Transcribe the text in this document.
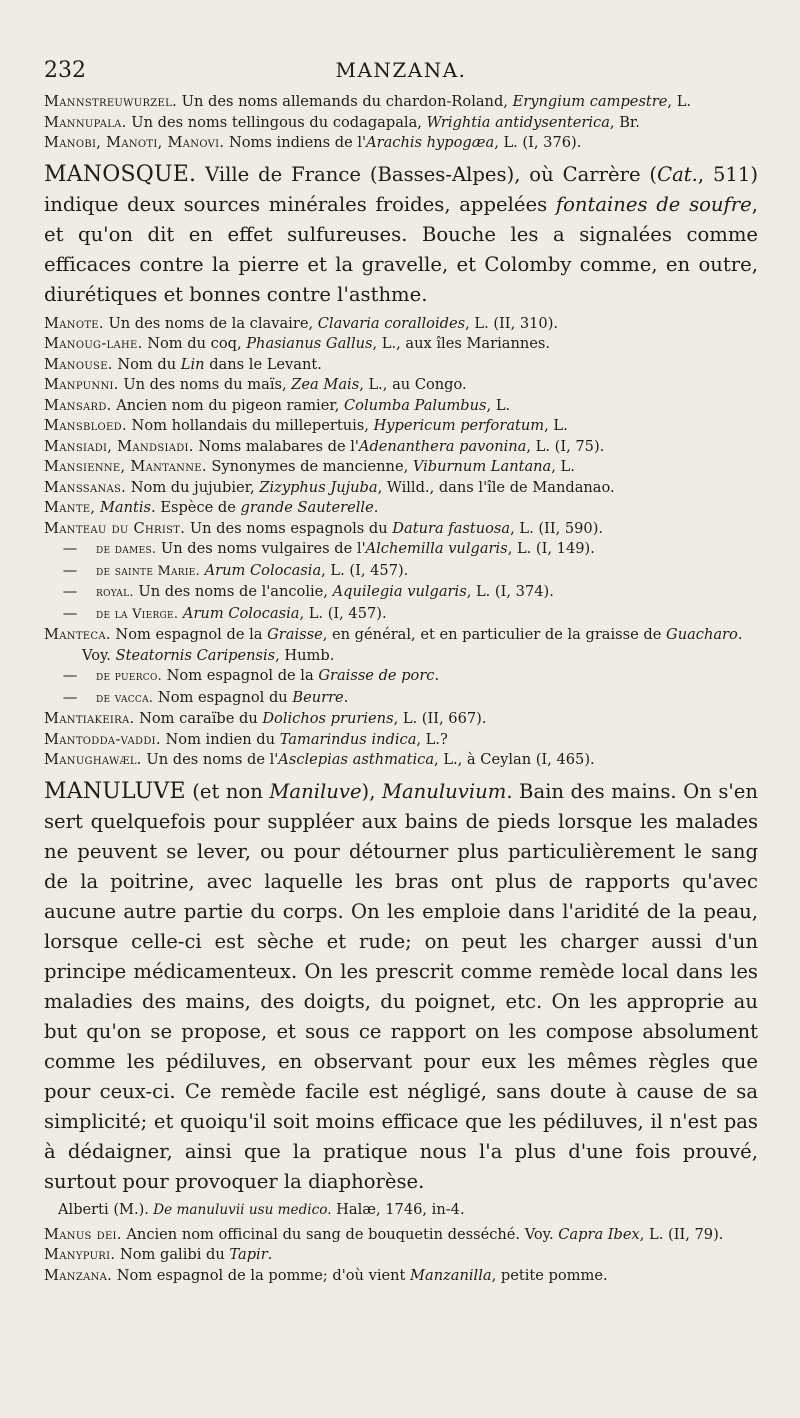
232	MANZANA.

Mannstreuwurzel. Un des noms allemands du chardon-Roland, Eryngium campestre, L.

Mannupala. Un des noms tellingous du codagapala, Wrightia antidysenterica, Br.

Manobi, Manoti, Manovi. Noms indiens de l'Arachis hypogæa, L. (I, 376).

MANOSQUE. Ville de France (Basses-Alpes), où Carrère (Cat., 511) indique deux sources minérales froides, appelées fontaines de soufre, et qu'on dit en effet sulfureuses. Bouche les a signalées comme efficaces contre la pierre et la gravelle, et Colomby comme, en outre, diurétiques et bonnes contre l'asthme.

Manote. Un des noms de la clavaire, Clavaria coralloides, L. (II, 310).

Manoug-lahe. Nom du coq, Phasianus Gallus, L., aux îles Mariannes.

Manouse. Nom du Lin dans le Levant.

Manpunni. Un des noms du maïs, Zea Mais, L., au Congo.

Mansard. Ancien nom du pigeon ramier, Columba Palumbus, L.

Mansbloed. Nom hollandais du millepertuis, Hypericum perforatum, L.

Mansiadi, Mandsiadi. Noms malabares de l'Adenanthera pavonina, L. (I, 75).

Mansienne, Mantanne. Synonymes de mancienne, Viburnum Lantana, L.

Manssanas. Nom du jujubier, Zizyphus Jujuba, Willd., dans l'île de Mandanao.

Mante, Mantis. Espèce de grande Sauterelle.

Manteau du Christ. Un des noms espagnols du Datura fastuosa, L. (II, 590).

— de dames. Un des noms vulgaires de l'Alchemilla vulgaris, L. (I, 149).

— de sainte Marie. Arum Colocasia, L. (I, 457).

— royal. Un des noms de l'ancolie, Aquilegia vulgaris, L. (I, 374).

— de la Vierge. Arum Colocasia, L. (I, 457).

Manteca. Nom espagnol de la Graisse, en général, et en particulier de la graisse de Guacharo. Voy. Steatornis Caripensis, Humb.

— de puerco. Nom espagnol de la Graisse de porc.

— de vacca. Nom espagnol du Beurre.

Mantiakeira. Nom caraïbe du Dolichos pruriens, L. (II, 667).

Mantodda-vaddi. Nom indien du Tamarindus indica, L.?

Manughawæl. Un des noms de l'Asclepias asthmatica, L., à Ceylan (I, 465).

MANULUVE (et non Maniluve), Manuluvium. Bain des mains. On s'en sert quelquefois pour suppléer aux bains de pieds lorsque les malades ne peuvent se lever, ou pour détourner plus particulièrement le sang de la poitrine, avec laquelle les bras ont plus de rapports qu'avec aucune autre partie du corps. On les emploie dans l'aridité de la peau, lorsque celle-ci est sèche et rude; on peut les charger aussi d'un principe médicamenteux. On les prescrit comme remède local dans les maladies des mains, des doigts, du poignet, etc. On les approprie au but qu'on se propose, et sous ce rapport on les compose absolument comme les pédiluves, en observant pour eux les mêmes règles que pour ceux-ci. Ce remède facile est négligé, sans doute à cause de sa simplicité; et quoiqu'il soit moins efficace que les pédiluves, il n'est pas à dédaigner, ainsi que la pratique nous l'a plus d'une fois prouvé, surtout pour provoquer la diaphorèse.

Alberti (M.). De manuluvii usu medico. Halæ, 1746, in-4.

Manus dei. Ancien nom officinal du sang de bouquetin desséché. Voy. Capra Ibex, L. (II, 79).

Manypuri. Nom galibi du Tapir.

Manzana. Nom espagnol de la pomme; d'où vient Manzanilla, petite pomme.
